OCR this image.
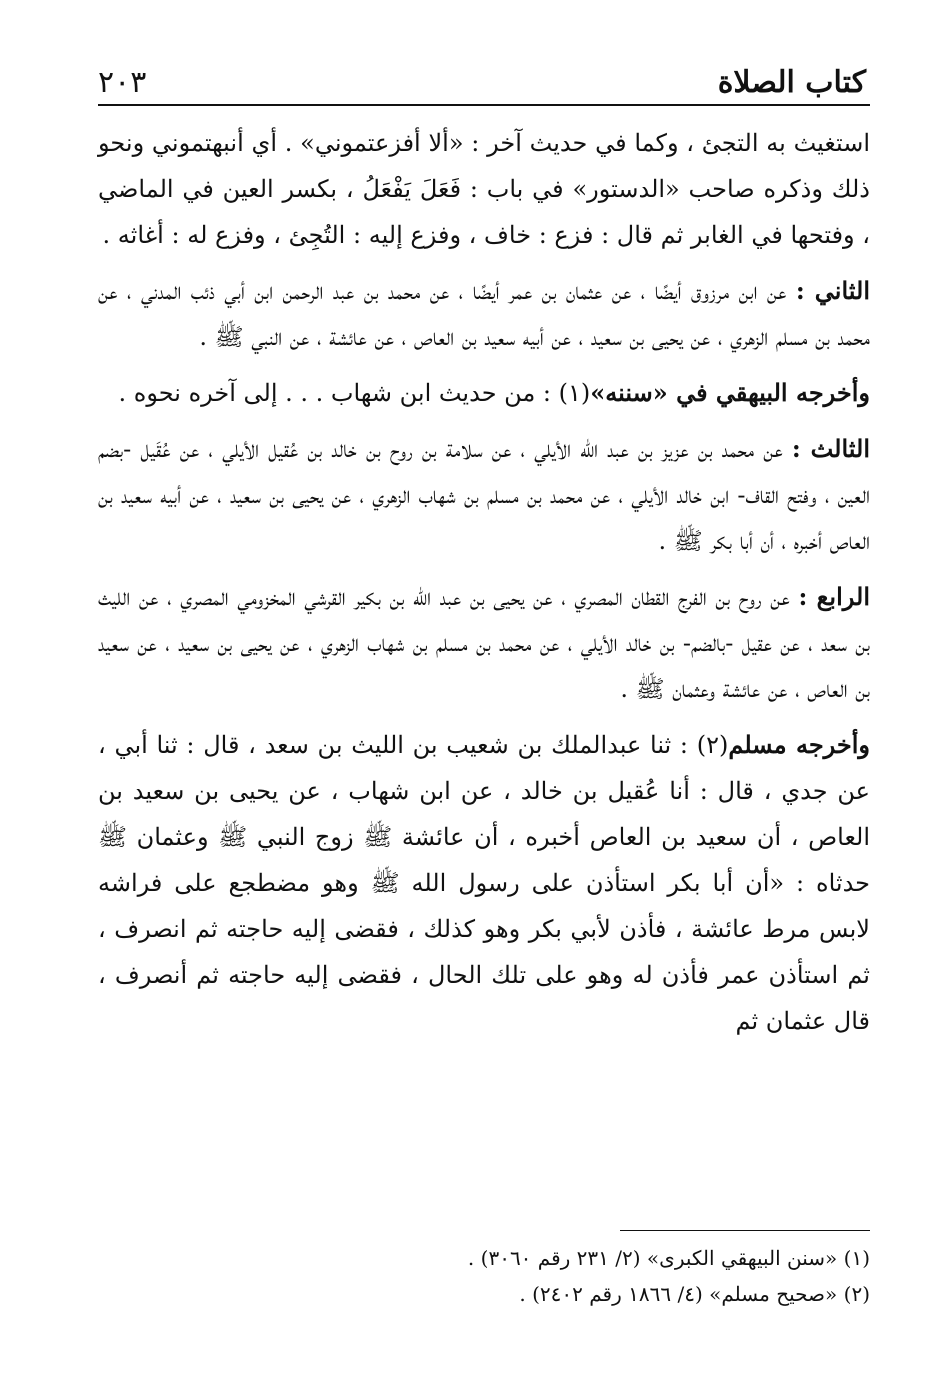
كتاب الصلاة
٢٠٣

استغيث به التجئ ، وكما في حديث آخر : «ألا أفزعتموني» . أي أنبهتموني ونحو ذلك وذكره صاحب «الدستور» في باب : فَعَلَ يَفْعَلُ ، بكسر العين في الماضي ، وفتحها في الغابر ثم قال : فزع : خاف ، وفزع إليه : التُجِئ ، وفزع له : أغاثه .

الثاني : عن ابن مرزوق أيضًا ، عن عثمان بن عمر أيضًا ، عن محمد بن عبد الرحمن ابن أبي ذئب المدني ، عن محمد بن مسلم الزهري ، عن يحيى بن سعيد ، عن أبيه سعيد بن العاص ، عن عائشة ، عن النبي ﷺ .

وأخرجه البيهقي في «سننه»(١) : من حديث ابن شهاب . . . إلى آخره نحوه .

الثالث : عن محمد بن عزيز بن عبد الله الأيلي ، عن سلامة بن روح بن خالد بن عُقيل الأيلي ، عن عُقَيل -بضم العين ، وفتح القاف- ابن خالد الأيلي ، عن محمد بن مسلم بن شهاب الزهري ، عن يحيى بن سعيد ، عن أبيه سعيد بن العاص أخبره ، أن أبا بكر ﷺ .

الرابع : عن روح بن الفرج القطان المصري ، عن يحيى بن عبد الله بن بكير القرشي المخزومي المصري ، عن الليث بن سعد ، عن عقيل -بالضم- بن خالد الأيلي ، عن محمد بن مسلم بن شهاب الزهري ، عن يحيى بن سعيد ، عن سعيد بن العاص ، عن عائشة وعثمان ﷺ .

وأخرجه مسلم(٢) : ثنا عبدالملك بن شعيب بن الليث بن سعد ، قال : ثنا أبي ، عن جدي ، قال : أنا عُقيل بن خالد ، عن ابن شهاب ، عن يحيى بن سعيد بن العاص ، أن سعيد بن العاص أخبره ، أن عائشة ﷺ زوج النبي ﷺ وعثمان ﷺ حدثاه : «أن أبا بكر استأذن على رسول الله ﷺ وهو مضطجع على فراشه لابس مرط عائشة ، فأذن لأبي بكر وهو كذلك ، فقضى إليه حاجته ثم انصرف ، ثم استأذن عمر فأذن له وهو على تلك الحال ، فقضى إليه حاجته ثم أنصرف ، قال عثمان ثم

(١) «سنن البيهقي الكبرى» (٢/ ٢٣١ رقم ٣٠٦٠) .
(٢) «صحيح مسلم» (٤/ ١٨٦٦ رقم ٢٤٠٢) .
